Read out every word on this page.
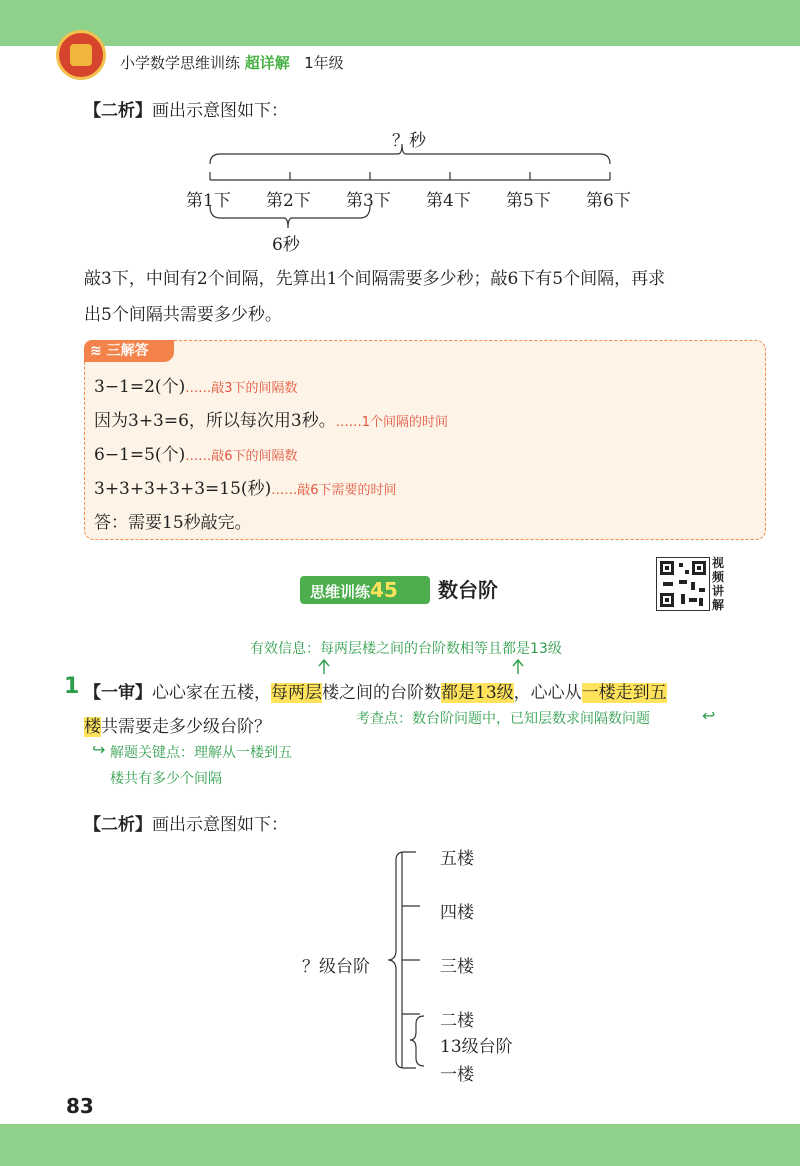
小学数学思维训练 超详解 1年级
【二析】画出示意图如下：
？秒
第1下 第2下 第3下 第4下 第5下 第6下
6秒
敲3下，中间有2个间隔，先算出1个间隔需要多少秒；敲6下有5个间隔，再求
出5个间隔共需要多少秒。
≋ 三解答
3−1=2(个)……敲3下的间隔数
因为3+3=6，所以每次用3秒。……1个间隔的时间
6−1=5(个)……敲6下的间隔数
3+3+3+3+3=15(秒)……敲6下需要的时间
答：需要15秒敲完。
思维训练45	数台阶
视频讲解
有效信息：每两层楼之间的台阶数相等且都是13级
1 【一审】心心家在五楼，每两层楼之间的台阶数都是13级，心心从一楼走到五
楼共需要走多少级台阶？	考查点：数台阶问题中，已知层数求间隔数问题	↩
↪ 解题关键点：理解从一楼到五
楼共有多少个间隔
【二析】画出示意图如下：
五楼
四楼
三楼
二楼
一楼
？级台阶
13级台阶
83
